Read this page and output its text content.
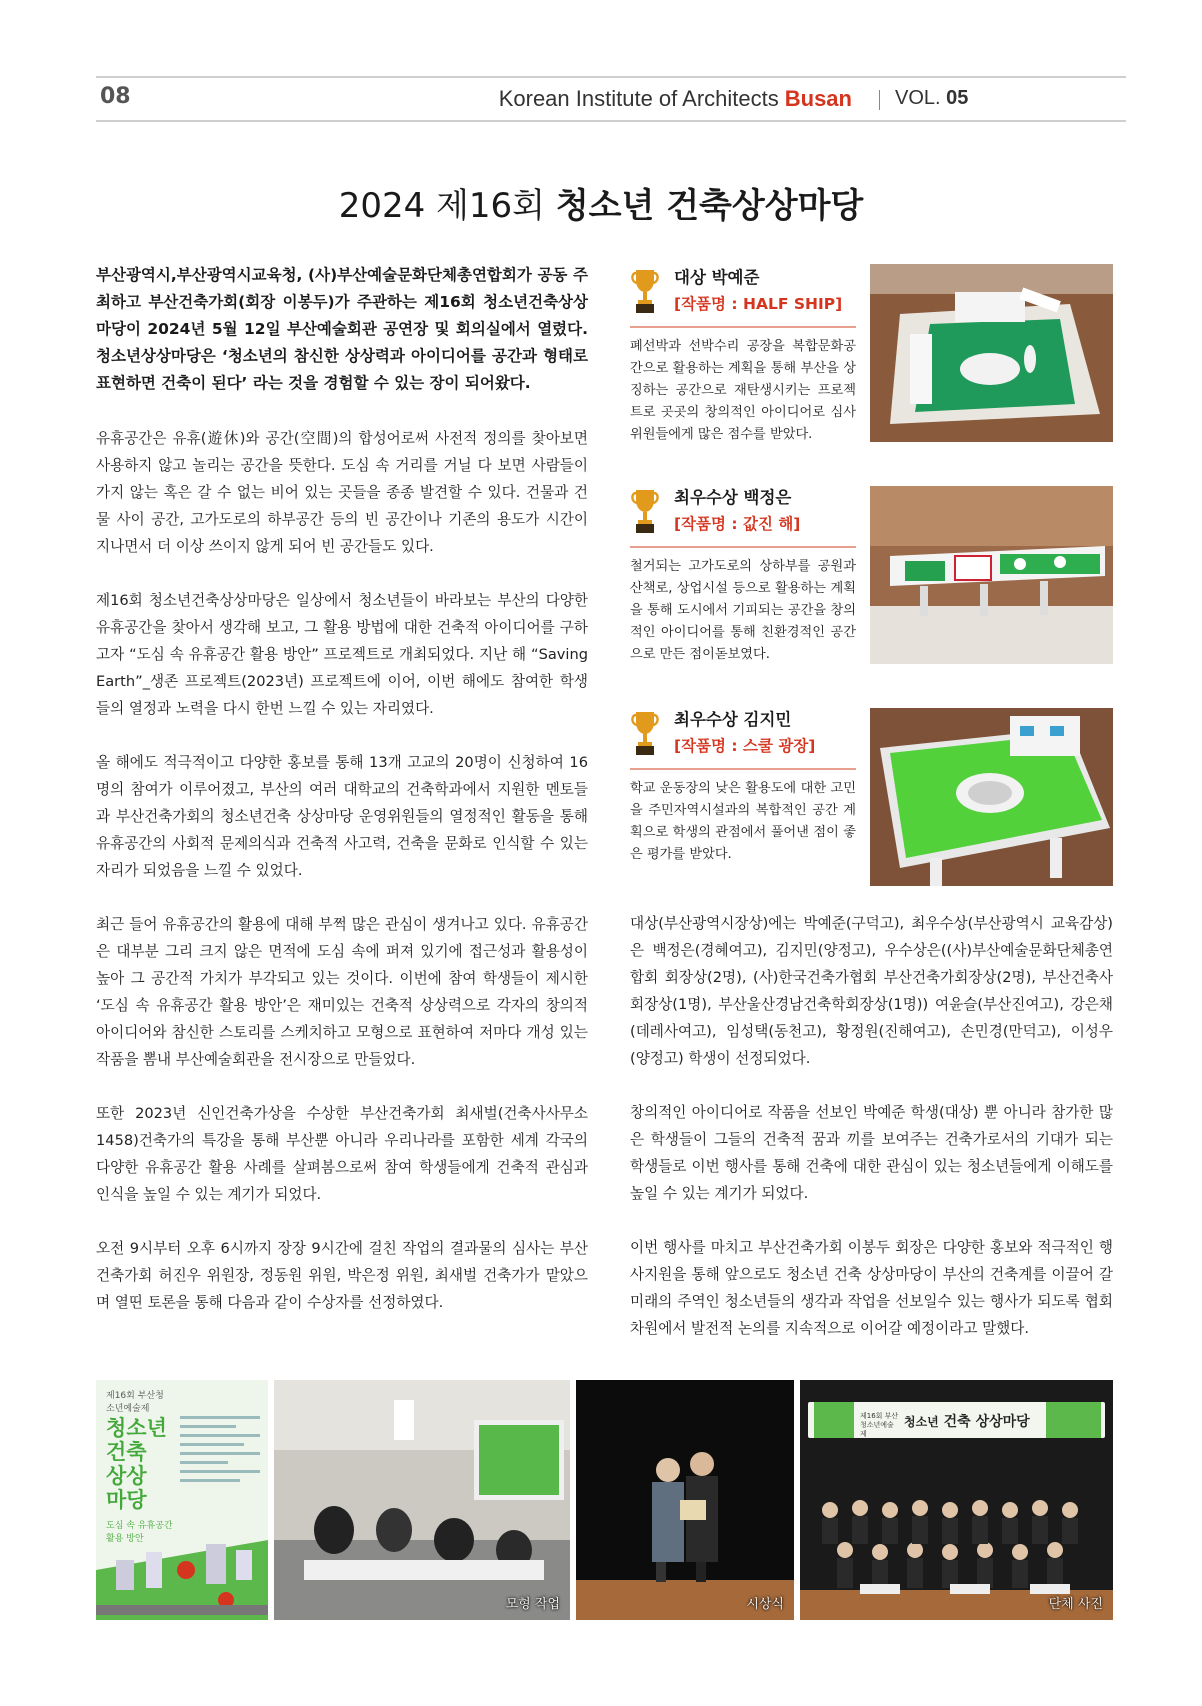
08	Korean Institute of Architects Busan VOL. 05
2024 제16회 청소년 건축상상마당

부산광역시,부산광역시교육청, (사)부산예술문화단체총연합회가 공동 주최하고 부산건축가회(회장 이봉두)가 주관하는 제16회 청소년건축상상마당이 2024년 5월 12일 부산예술회관 공연장 및 회의실에서 열렸다. 청소년상상마당은 ‘청소년의 참신한 상상력과 아이디어를 공간과 형태로 표현하면 건축이 된다’ 라는 것을 경험할 수 있는 장이 되어왔다.

유휴공간은 유휴(遊休)와 공간(空間)의 합성어로써 사전적 정의를 찾아보면 사용하지 않고 놀리는 공간을 뜻한다. 도심 속 거리를 거닐 다 보면 사람들이 가지 않는 혹은 갈 수 없는 비어 있는 곳들을 종종 발견할 수 있다. 건물과 건물 사이 공간, 고가도로의 하부공간 등의 빈 공간이나 기존의 용도가 시간이 지나면서 더 이상 쓰이지 않게 되어 빈 공간들도 있다.

제16회 청소년건축상상마당은 일상에서 청소년들이 바라보는 부산의 다양한 유휴공간을 찾아서 생각해 보고, 그 활용 방법에 대한 건축적 아이디어를 구하고자 “도심 속 유휴공간 활용 방안” 프로젝트로 개최되었다. 지난 해 “Saving Earth”_생존 프로젝트(2023년) 프로젝트에 이어, 이번 해에도 참여한 학생들의 열정과 노력을 다시 한번 느낄 수 있는 자리였다.

올 해에도 적극적이고 다양한 홍보를 통해 13개 고교의 20명이 신청하여 16명의 참여가 이루어졌고, 부산의 여러 대학교의 건축학과에서 지원한 멘토들과 부산건축가회의 청소년건축 상상마당 운영위원들의 열정적인 활동을 통해 유휴공간의 사회적 문제의식과 건축적 사고력, 건축을 문화로 인식할 수 있는 자리가 되었음을 느낄 수 있었다.

최근 들어 유휴공간의 활용에 대해 부쩍 많은 관심이 생겨나고 있다. 유휴공간은 대부분 그리 크지 않은 면적에 도심 속에 퍼져 있기에 접근성과 활용성이 높아 그 공간적 가치가 부각되고 있는 것이다. 이번에 참여 학생들이 제시한 ‘도심 속 유휴공간 활용 방안’은 재미있는 건축적 상상력으로 각자의 창의적 아이디어와 참신한 스토리를 스케치하고 모형으로 표현하여 저마다 개성 있는 작품을 뽐내 부산예술회관을 전시장으로 만들었다.

또한 2023년 신인건축가상을 수상한 부산건축가회 최새벌(건축사사무소1458)건축가의 특강을 통해 부산뿐 아니라 우리나라를 포함한 세계 각국의 다양한 유휴공간 활용 사례를 살펴봄으로써 참여 학생들에게 건축적 관심과 인식을 높일 수 있는 계기가 되었다.

오전 9시부터 오후 6시까지 장장 9시간에 걸친 작업의 결과물의 심사는 부산건축가회 허진우 위원장, 정동원 위원, 박은정 위원, 최새벌 건축가가 맡았으며 열띤 토론을 통해 다음과 같이 수상자를 선정하였다.

대상 박예준
[작품명 : HALF SHIP]
폐선박과 선박수리 공장을 복합문화공간으로 활용하는 계획을 통해 부산을 상징하는 공간으로 재탄생시키는 프로젝트로 곳곳의 창의적인 아이디어로 심사위원들에게 많은 점수를 받았다.
최우수상 백정은
[작품명 : 값진 해]
철거되는 고가도로의 상하부를 공원과 산책로, 상업시설 등으로 활용하는 계획을 통해 도시에서 기피되는 공간을 창의적인 아이디어를 통해 친환경적인 공간으로 만든 점이돋보였다.
최우수상 김지민
[작품명 : 스쿨 광장]
학교 운동장의 낮은 활용도에 대한 고민을 주민자역시설과의 복합적인 공간 계획으로 학생의 관점에서 풀어낸 점이 좋은 평가를 받았다.

대상(부산광역시장상)에는 박예준(구덕고), 최우수상(부산광역시 교육감상)은 백정은(경혜여고), 김지민(양정고), 우수상은((사)부산예술문화단체총연합회 회장상(2명), (사)한국건축가협회 부산건축가회장상(2명), 부산건축사회장상(1명), 부산울산경남건축학회장상(1명)) 여윤슬(부산진여고), 강은채(데레사여고), 임성택(동천고), 황정원(진해여고), 손민경(만덕고), 이성우(양정고) 학생이 선정되었다.

창의적인 아이디어로 작품을 선보인 박예준 학생(대상) 뿐 아니라 참가한 많은 학생들이 그들의 건축적 꿈과 끼를 보여주는 건축가로서의 기대가 되는 학생들로 이번 행사를 통해 건축에 대한 관심이 있는 청소년들에게 이해도를 높일 수 있는 계기가 되었다.

이번 행사를 마치고 부산건축가회 이봉두 회장은 다양한 홍보와 적극적인 행사지원을 통해 앞으로도 청소년 건축 상상마당이 부산의 건축계를 이끌어 갈 미래의 주역인 청소년들의 생각과 작업을 선보일수 있는 행사가 되도록 협회 차원에서 발전적 논의를 지속적으로 이어갈 예정이라고 말했다.

제16회 부산청소년예술제
청소년
건축
상상
마당
도심 속 유휴공간 활용 방안
모형 작업	시상식
제16회 부산청소년예술제
청소년 건축 상상마당
단체 사진
